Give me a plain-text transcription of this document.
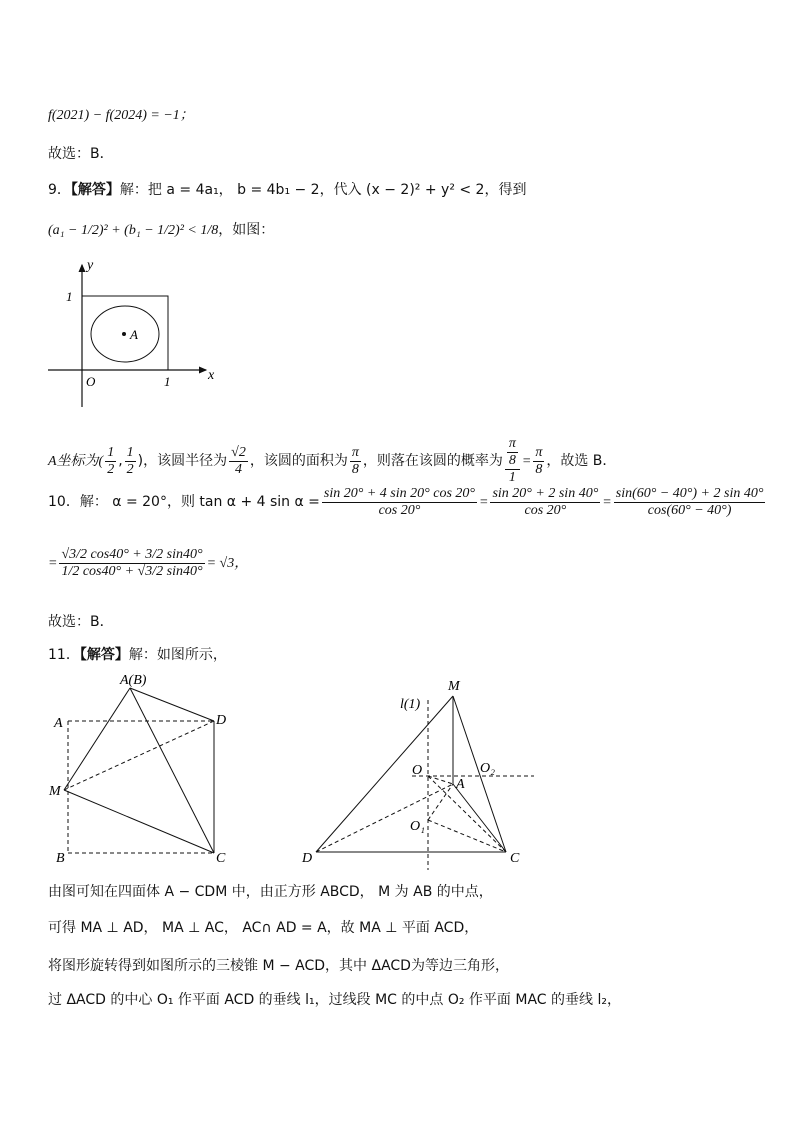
f(2021) − f(2024) = −1；
故选：B．
9．【解答】解：把 a = 4a₁， b = 4b₁ − 2，代入 (x − 2)² + y² < 2，得到
(a₁ − 1/2)² + (b₁ − 1/2)² < 1/8，如图：
A
y
x
1
1
O
A坐标为( $\frac{1}{2}$ , $\frac{1}{2}$ )，该圆半径为 $\frac{√2}{4}$ ，该圆的面积为 $\frac{\pi}{8}$ ，则落在该圆的概率为 $\frac{\frac{\pi}{8}}{1} = \frac{\pi}{8}$ ，故选 B．
10．解： α = 20°，则 tan α + 4 $\sin \alpha = \frac{\sin 20^\circ + 4 \sin 20^\circ \cos 20^\circ}{\cos 20^\circ} = \frac{\sin 20^\circ + 2 \sin 40^\circ}{\cos 20^\circ} = \frac{\sin(60^\circ - 40^\circ) + 2 \sin 40^\circ}{\cos(60^\circ - 40^\circ)}$
= $\frac{√3/2 \cos 40^\circ + 3/2 \sin 40^\circ}{1/2 \cos 40^\circ + √3/2 \sin 40^\circ} = √3$，
故选：B．
11．【解答】解：如图所示，
A(B)
A	D
M
B	C
l(1)
M
O	O₂
A
O₁
D	C
由图可知在四面体 A − CDM 中，由正方形 ABCD， M 为 AB 的中点，
可得 MA ⊥ AD， MA ⊥ AC， AC∩ AD = A，故 MA ⊥ 平面 ACD，
将图形旋转得到如图所示的三棱锥 M − ACD，其中 ΔACD为等边三角形，
过 ΔACD 的中心 O₁ 作平面 ACD 的垂线 l₁，过线段 MC 的中点 O₂ 作平面 MAC 的垂线 l₂，
